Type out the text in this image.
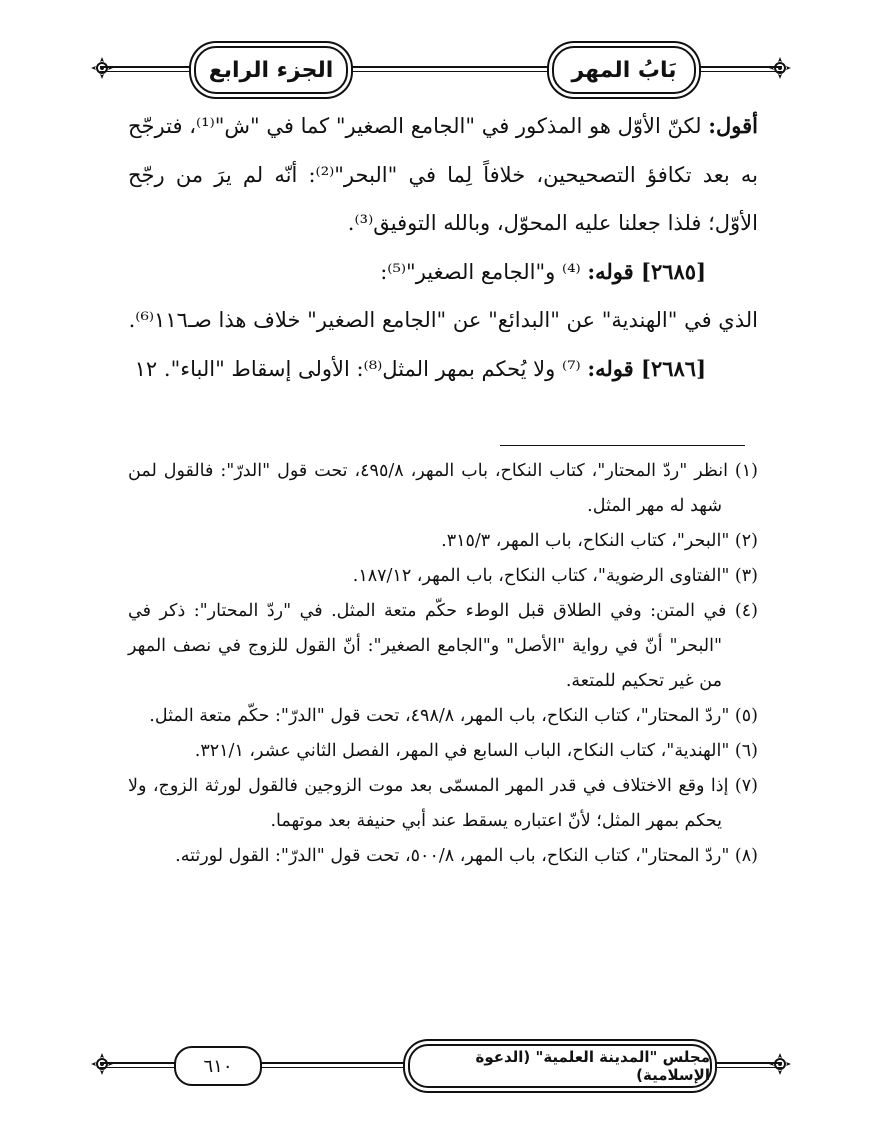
بَابُ المهر
الجزء الرابع

أقول: لكنّ الأوّل هو المذكور في "الجامع الصغير" كما في "ش"⁽¹⁾، فترجّح به بعد تكافؤ التصحيحين، خلافاً لِما في "البحر"⁽²⁾: أنّه لم يرَ من رجّح الأوّل؛ فلذا جعلنا عليه المحوّل، وبالله التوفيق⁽³⁾.

[٢٦٨٥] قوله: ⁽⁴⁾ و"الجامع الصغير"⁽⁵⁾:

الذي في "الهندية" عن "البدائع" عن "الجامع الصغير" خلاف هذا صـ١١٦⁽⁶⁾.

[٢٦٨٦] قوله: ⁽⁷⁾ ولا يُحكم بمهر المثل⁽⁸⁾: الأولى إسقاط "الباء". ١٢

(١) انظر "ردّ المحتار"، كتاب النكاح، باب المهر، ٤٩٥/٨، تحت قول "الدرّ": فالقول لمن شهد له مهر المثل.

(٢) "البحر"، كتاب النكاح، باب المهر، ٣١٥/٣.

(٣) "الفتاوى الرضوية"، كتاب النكاح، باب المهر، ١٨٧/١٢.

(٤) في المتن: وفي الطلاق قبل الوطء حكّم متعة المثل. في "ردّ المحتار": ذكر في "البحر" أنّ في رواية "الأصل" و"الجامع الصغير": أنّ القول للزوج في نصف المهر من غير تحكيم للمتعة.

(٥) "ردّ المحتار"، كتاب النكاح، باب المهر، ٤٩٨/٨، تحت قول "الدرّ": حكّم متعة المثل.

(٦) "الهندية"، كتاب النكاح، الباب السابع في المهر، الفصل الثاني عشر، ٣٢١/١.

(٧) إذا وقع الاختلاف في قدر المهر المسمّى بعد موت الزوجين فالقول لورثة الزوج، ولا يحكم بمهر المثل؛ لأنّ اعتباره يسقط عند أبي حنيفة بعد موتهما.

(٨) "ردّ المحتار"، كتاب النكاح، باب المهر، ٥٠٠/٨، تحت قول "الدرّ": القول لورثته.

٦١٠	مجلس "المدينة العلمية" (الدعوة الإسلامية)
